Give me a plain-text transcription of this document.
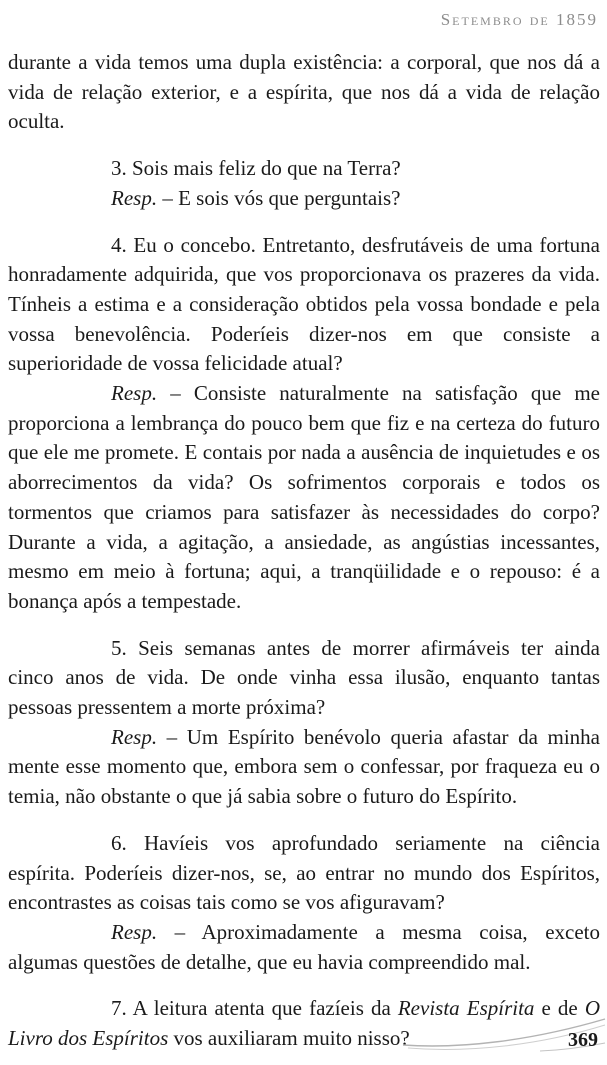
Setembro de 1859

durante a vida temos uma dupla existência: a corporal, que nos dá a vida de relação exterior, e a espírita, que nos dá a vida de relação oculta.

3. Sois mais feliz do que na Terra?

Resp. – E sois vós que perguntais?

4. Eu o concebo. Entretanto, desfrutáveis de uma fortuna honradamente adquirida, que vos proporcionava os prazeres da vida. Tínheis a estima e a consideração obtidos pela vossa bondade e pela vossa benevolência. Poderíeis dizer-nos em que consiste a superioridade de vossa felicidade atual?

Resp. – Consiste naturalmente na satisfação que me proporciona a lembrança do pouco bem que fiz e na certeza do futuro que ele me promete. E contais por nada a ausência de inquietudes e os aborrecimentos da vida? Os sofrimentos corporais e todos os tormentos que criamos para satisfazer às necessidades do corpo? Durante a vida, a agitação, a ansiedade, as angústias incessantes, mesmo em meio à fortuna; aqui, a tranqüilidade e o repouso: é a bonança após a tempestade.

5. Seis semanas antes de morrer afirmáveis ter ainda cinco anos de vida. De onde vinha essa ilusão, enquanto tantas pessoas pressentem a morte próxima?

Resp. – Um Espírito benévolo queria afastar da minha mente esse momento que, embora sem o confessar, por fraqueza eu o temia, não obstante o que já sabia sobre o futuro do Espírito.

6. Havíeis vos aprofundado seriamente na ciência espírita. Poderíeis dizer-nos, se, ao entrar no mundo dos Espíritos, encontrastes as coisas tais como se vos afiguravam?

Resp. – Aproximadamente a mesma coisa, exceto algumas questões de detalhe, que eu havia compreendido mal.

7. A leitura atenta que fazíeis da Revista Espírita e de O Livro dos Espíritos vos auxiliaram muito nisso?	369
